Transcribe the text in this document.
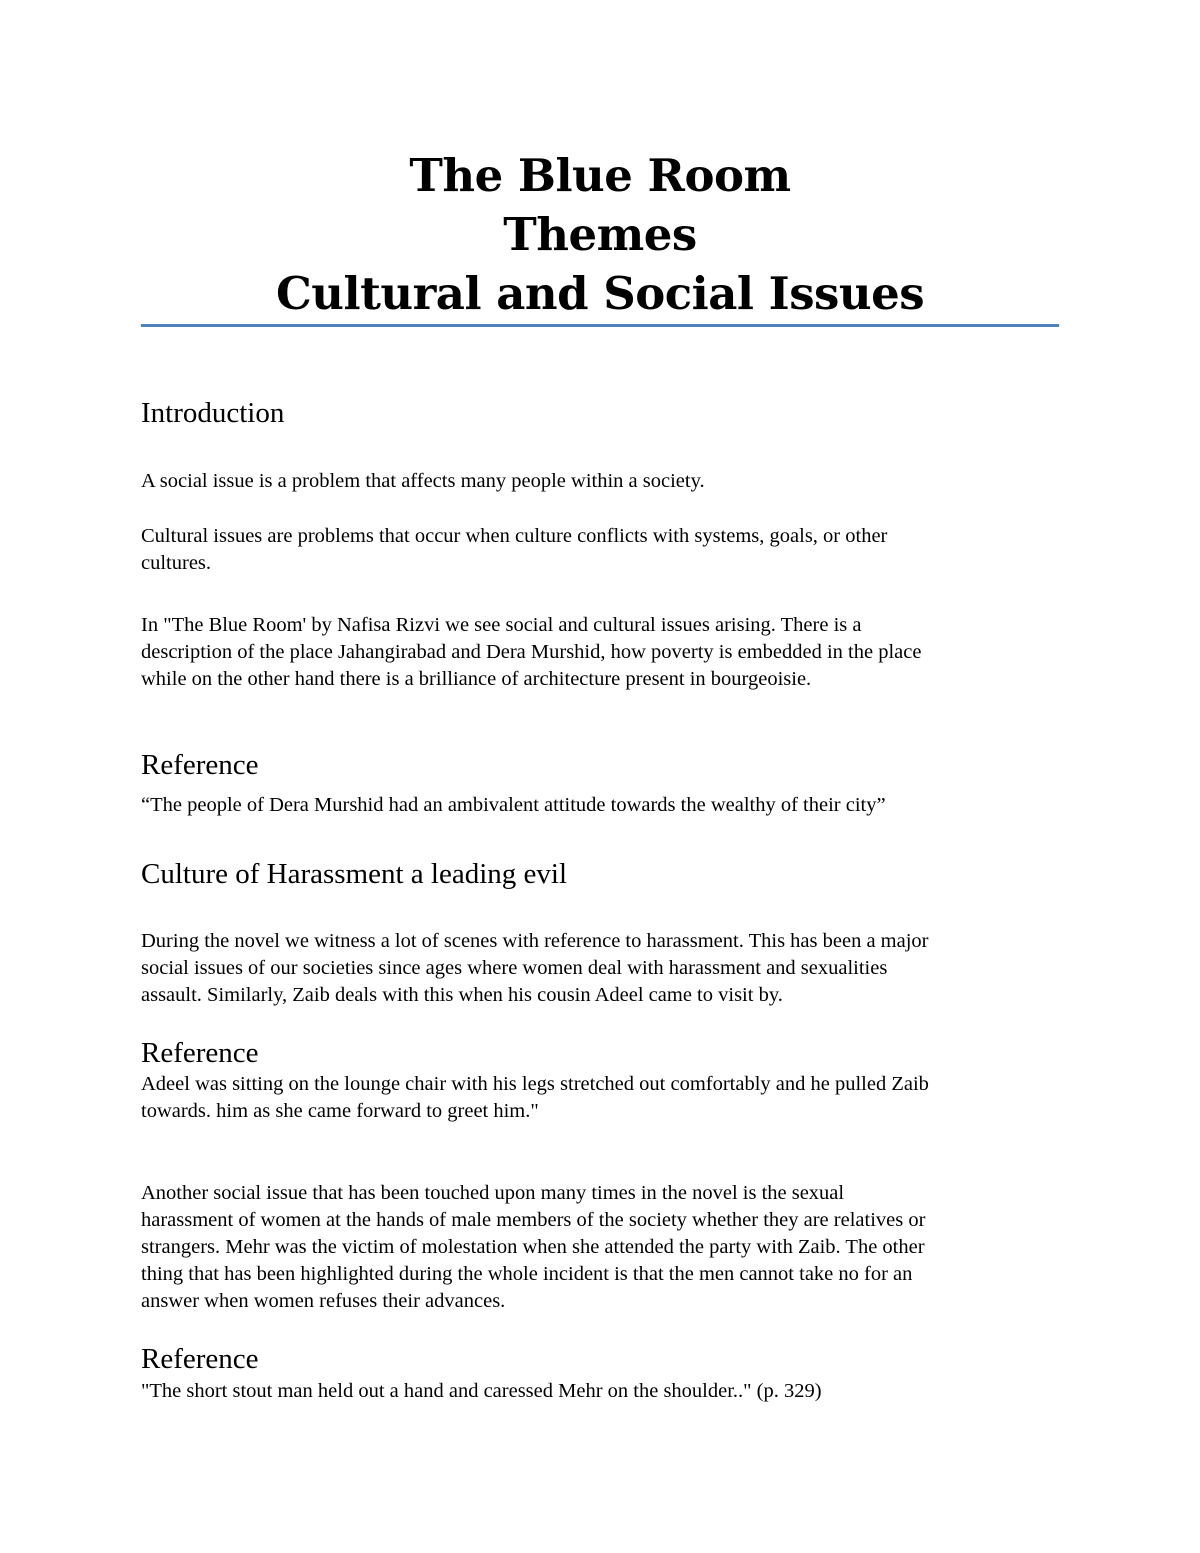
The Blue Room
Themes
Cultural and Social Issues
Introduction
A social issue is a problem that affects many people within a society.
Cultural issues are problems that occur when culture conflicts with systems, goals, or other
cultures.
In "The Blue Room' by Nafisa Rizvi we see social and cultural issues arising. There is a
description of the place Jahangirabad and Dera Murshid, how poverty is embedded in the place
while on the other hand there is a brilliance of architecture present in bourgeoisie.
Reference
“The people of Dera Murshid had an ambivalent attitude towards the wealthy of their city”
Culture of Harassment a leading evil
During the novel we witness a lot of scenes with reference to harassment. This has been a major
social issues of our societies since ages where women deal with harassment and sexualities
assault. Similarly, Zaib deals with this when his cousin Adeel came to visit by.
Reference
Adeel was sitting on the lounge chair with his legs stretched out comfortably and he pulled Zaib
towards. him as she came forward to greet him."
Another social issue that has been touched upon many times in the novel is the sexual
harassment of women at the hands of male members of the society whether they are relatives or
strangers. Mehr was the victim of molestation when she attended the party with Zaib. The other
thing that has been highlighted during the whole incident is that the men cannot take no for an
answer when women refuses their advances.
Reference
"The short stout man held out a hand and caressed Mehr on the shoulder.." (p. 329)
